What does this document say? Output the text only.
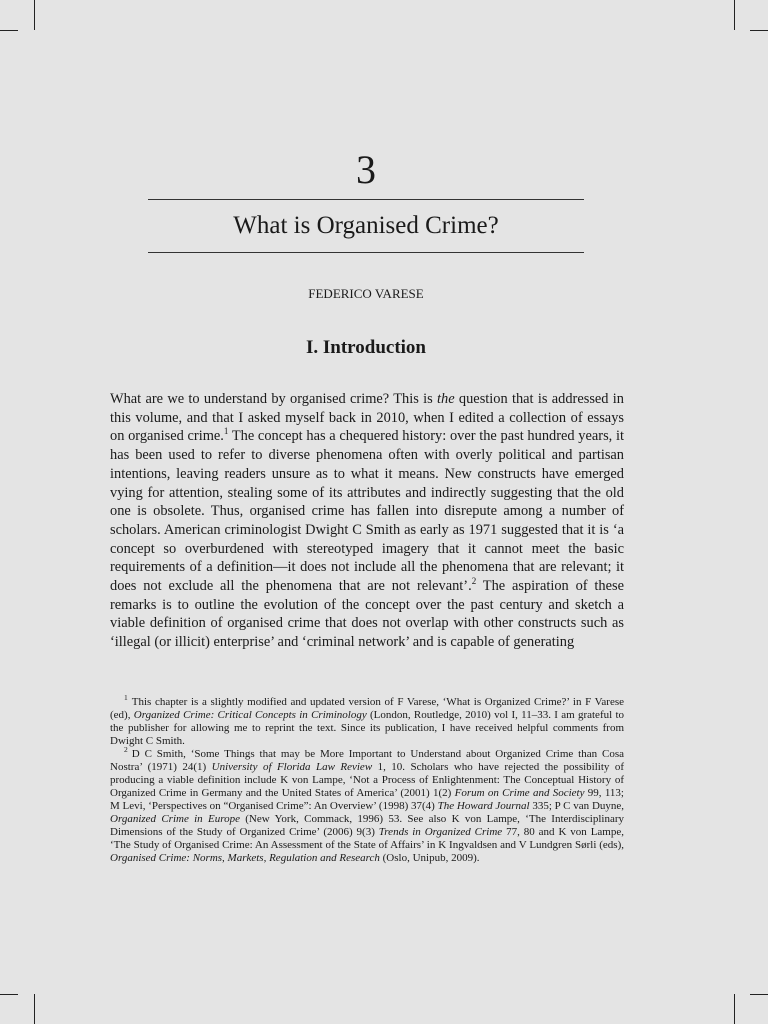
3
What is Organised Crime?
FEDERICO VARESE
I. Introduction

What are we to understand by organised crime? This is the question that is addressed in this volume, and that I asked myself back in 2010, when I edited a collection of essays on organised crime.$^1$ The concept has a chequered history: over the past hundred years, it has been used to refer to diverse phenomena often with overly political and partisan intentions, leaving readers unsure as to what it means. New constructs have emerged vying for attention, stealing some of its attributes and indirectly suggesting that the old one is obsolete. Thus, organised crime has fallen into disrepute among a number of scholars. American criminologist Dwight C Smith as early as 1971 suggested that it is ‘a concept so overburdened with stereotyped imagery that it cannot meet the basic requirements of a definition—it does not include all the phenomena that are relevant; it does not exclude all the phenomena that are not relevant’.$^2$ The aspiration of these remarks is to outline the evolution of the concept over the past century and sketch a viable definition of organised crime that does not overlap with other constructs such as ‘illegal (or illicit) enterprise’ and ‘criminal network’ and is capable of generating

$^1$ This chapter is a slightly modified and updated version of F Varese, ‘What is Organized Crime?’ in F Varese (ed), Organized Crime: Critical Concepts in Criminology (London, Routledge, 2010) vol I, 11–33. I am grateful to the publisher for allowing me to reprint the text. Since its publication, I have received helpful comments from Dwight C Smith.

$^2$ D C Smith, ‘Some Things that may be More Important to Understand about Organized Crime than Cosa Nostra’ (1971) 24(1) University of Florida Law Review 1, 10. Scholars who have rejected the possibility of producing a viable definition include K von Lampe, ‘Not a Process of Enlightenment: The Conceptual History of Organized Crime in Germany and the United States of America’ (2001) 1(2) Forum on Crime and Society 99, 113; M Levi, ‘Perspectives on “Organised Crime”: An Overview’ (1998) 37(4) The Howard Journal 335; P C van Duyne, Organized Crime in Europe (New York, Commack, 1996) 53. See also K von Lampe, ‘The Interdisciplinary Dimensions of the Study of Organized Crime’ (2006) 9(3) Trends in Organized Crime 77, 80 and K von Lampe, ‘The Study of Organised Crime: An Assessment of the State of Affairs’ in K Ingvaldsen and V Lundgren Sørli (eds), Organised Crime: Norms, Markets, Regulation and Research (Oslo, Unipub, 2009).
